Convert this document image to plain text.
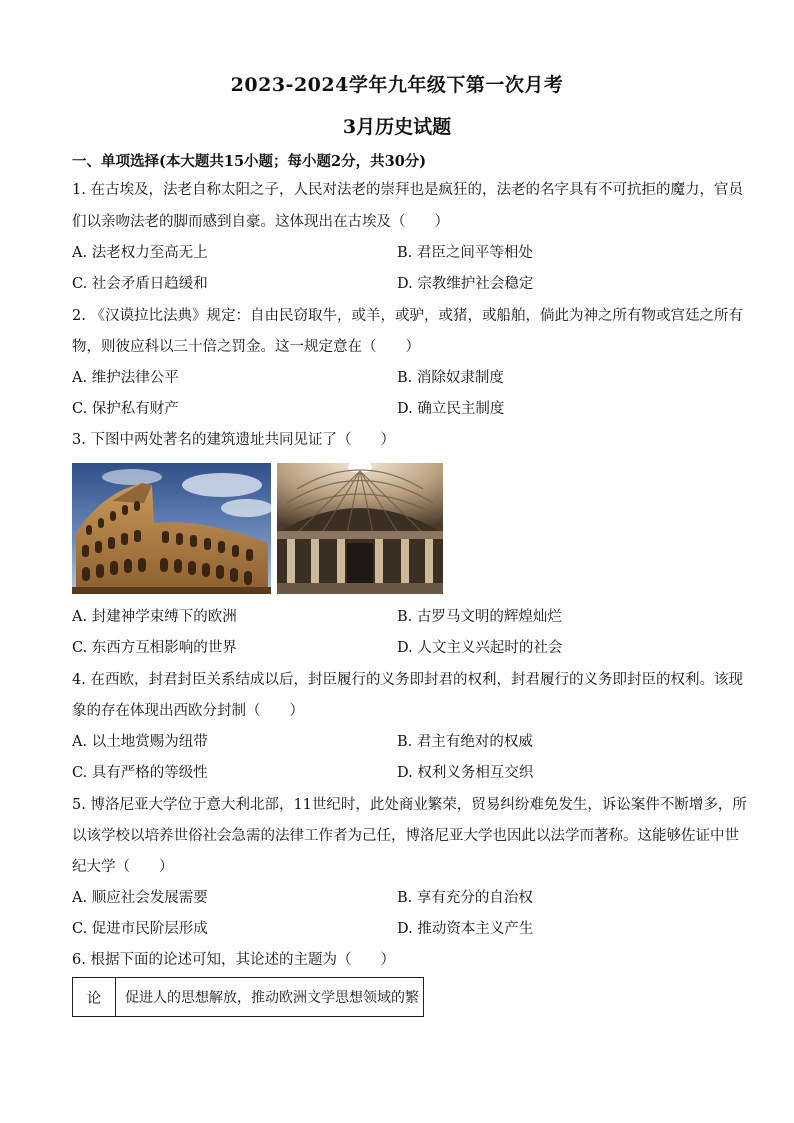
2023-2024学年九年级下第一次月考
3月历史试题
一、单项选择(本大题共15小题；每小题2分，共30分)
1. 在古埃及，法老自称太阳之子，人民对法老的崇拜也是疯狂的，法老的名字具有不可抗拒的魔力，官员
们以亲吻法老的脚而感到自豪。这体现出在古埃及（　　）
A. 法老权力至高无上	B. 君臣之间平等相处
C. 社会矛盾日趋缓和	D. 宗教维护社会稳定
2. 《汉谟拉比法典》规定：自由民窃取牛，或羊，或驴，或猪，或船舶，倘此为神之所有物或宫廷之所有
物，则彼应科以三十倍之罚金。这一规定意在（　　）
A. 维护法律公平	B. 消除奴隶制度
C. 保护私有财产	D. 确立民主制度
3. 下图中两处著名的建筑遗址共同见证了（　　）
A. 封建神学束缚下的欧洲	B. 古罗马文明的辉煌灿烂
C. 东西方互相影响的世界	D. 人文主义兴起时的社会
4. 在西欧，封君封臣关系结成以后，封臣履行的义务即封君的权利，封君履行的义务即封臣的权利。该现
象的存在体现出西欧分封制（　　）
A. 以土地赏赐为纽带	B. 君主有绝对的权威
C. 具有严格的等级性	D. 权利义务相互交织
5. 博洛尼亚大学位于意大利北部，11世纪时，此处商业繁荣，贸易纠纷难免发生，诉讼案件不断增多，所
以该学校以培养世俗社会急需的法律工作者为己任，博洛尼亚大学也因此以法学而著称。这能够佐证中世
纪大学（　　）
A. 顺应社会发展需要	B. 享有充分的自治权
C. 促进市民阶层形成	D. 推动资本主义产生
6. 根据下面的论述可知，其论述的主题为（　　）
论	促进人的思想解放，推动欧洲文学思想领域的繁
